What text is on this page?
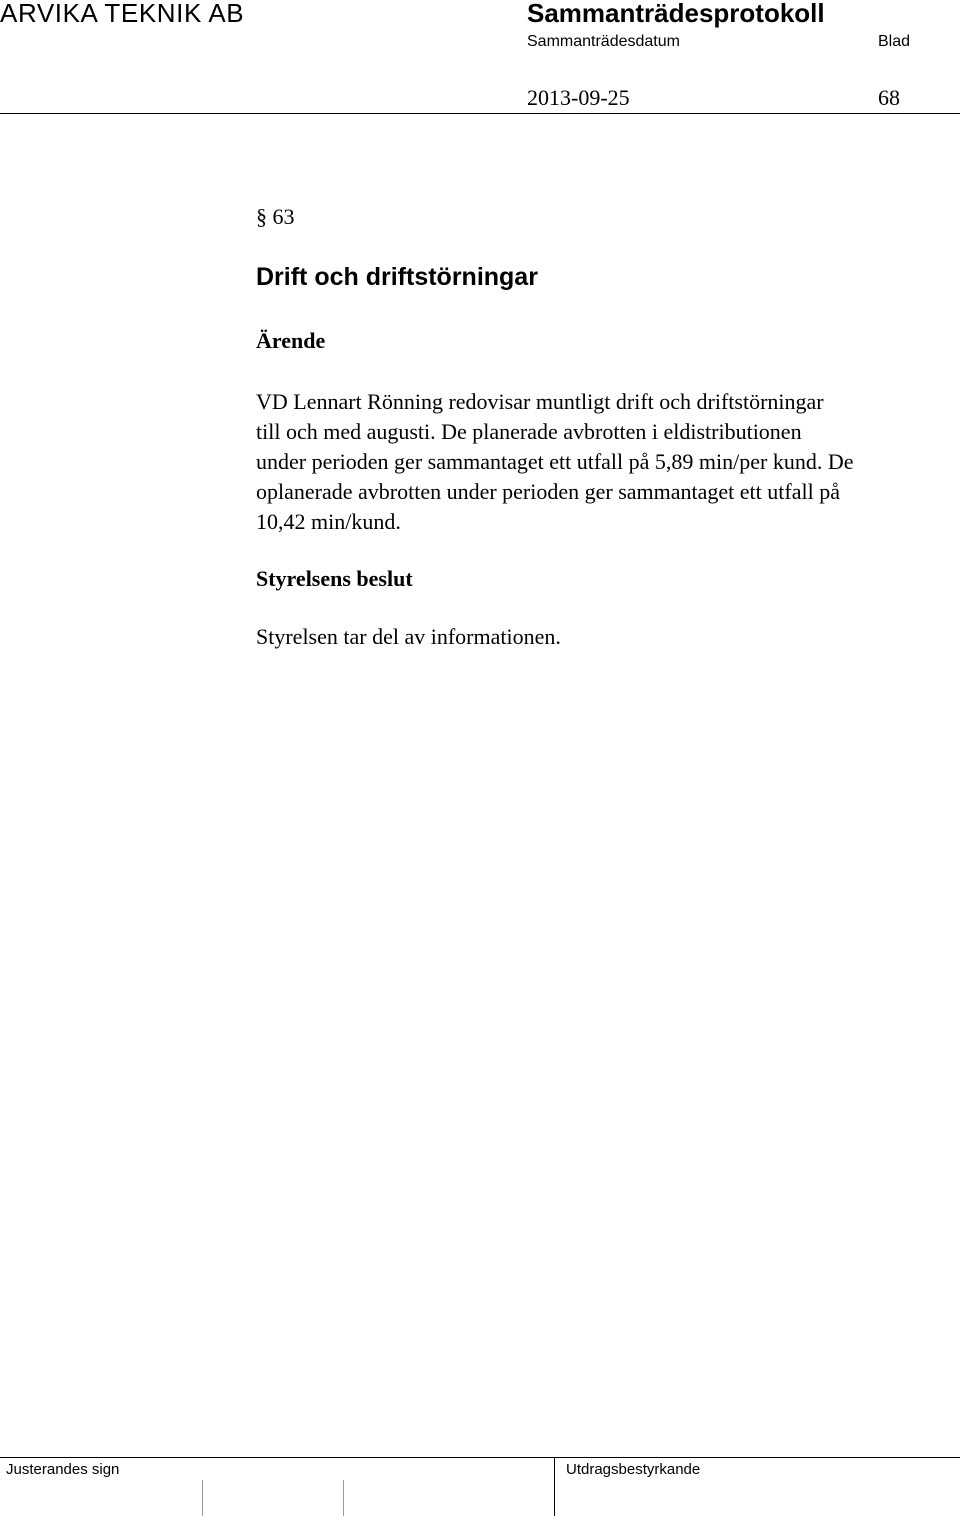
ARVIKA TEKNIK AB	Sammanträdesprotokoll
Sammanträdesdatum	Blad
2013-09-25	68
§ 63
Drift och driftstörningar
Ärende

VD Lennart Rönning redovisar muntligt drift och driftstörningar
till och med augusti. De planerade avbrotten i eldistributionen
under perioden ger sammantaget ett utfall på 5,89 min/per kund. De
oplanerade avbrotten under perioden ger sammantaget ett utfall på
10,42 min/kund.

Styrelsens beslut
Styrelsen tar del av informationen.
Justerandes sign	Utdragsbestyrkande
